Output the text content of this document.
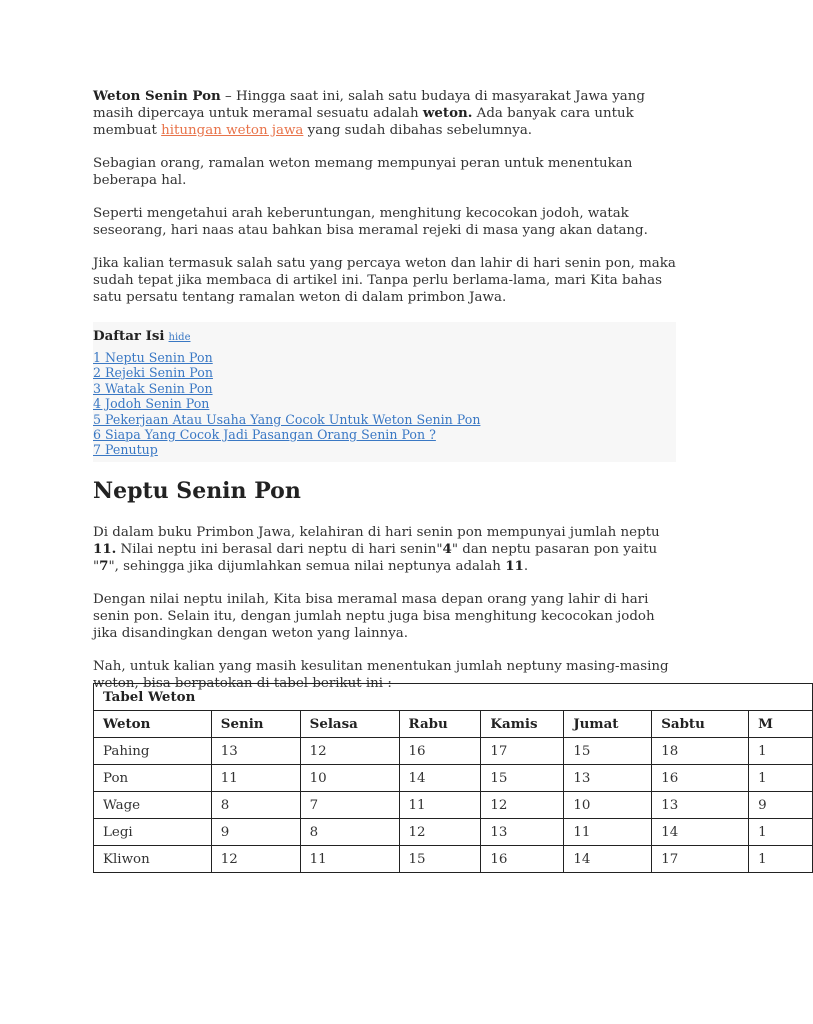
Weton Senin Pon – Hingga saat ini, salah satu budaya di masyarakat Jawa yang masih dipercaya untuk meramal sesuatu adalah weton. Ada banyak cara untuk membuat hitungan weton jawa yang sudah dibahas sebelumnya.

Sebagian orang, ramalan weton memang mempunyai peran untuk menentukan beberapa hal.

Seperti mengetahui arah keberuntungan, menghitung kecocokan jodoh, watak seseorang, hari naas atau bahkan bisa meramal rejeki di masa yang akan datang.

Jika kalian termasuk salah satu yang percaya weton dan lahir di hari senin pon, maka sudah tepat jika membaca di artikel ini. Tanpa perlu berlama-lama, mari Kita bahas satu persatu tentang ramalan weton di dalam primbon Jawa.

Daftar Isi hide
1 Neptu Senin Pon
2 Rejeki Senin Pon
3 Watak Senin Pon
4 Jodoh Senin Pon
5 Pekerjaan Atau Usaha Yang Cocok Untuk Weton Senin Pon
6 Siapa Yang Cocok Jadi Pasangan Orang Senin Pon ?
7 Penutup
Neptu Senin Pon

Di dalam buku Primbon Jawa, kelahiran di hari senin pon mempunyai jumlah neptu 11. Nilai neptu ini berasal dari neptu di hari senin"4" dan neptu pasaran pon yaitu "7", sehingga jika dijumlahkan semua nilai neptunya adalah 11.

Dengan nilai neptu inilah, Kita bisa meramal masa depan orang yang lahir di hari senin pon. Selain itu, dengan jumlah neptu juga bisa menghitung kecocokan jodoh jika disandingkan dengan weton yang lainnya.

Nah, untuk kalian yang masih kesulitan menentukan jumlah neptuny masing-masing weton, bisa berpatokan di tabel berikut ini :

Tabel Weton							
Weton	Senin	Selasa	Rabu	Kamis	Jumat	Sabtu	M
Pahing	13	12	16	17	15	18	1
Pon	11	10	14	15	13	16	1
Wage	8	7	11	12	10	13	9
Legi	9	8	12	13	11	14	1
Kliwon	12	11	15	16	14	17	1
